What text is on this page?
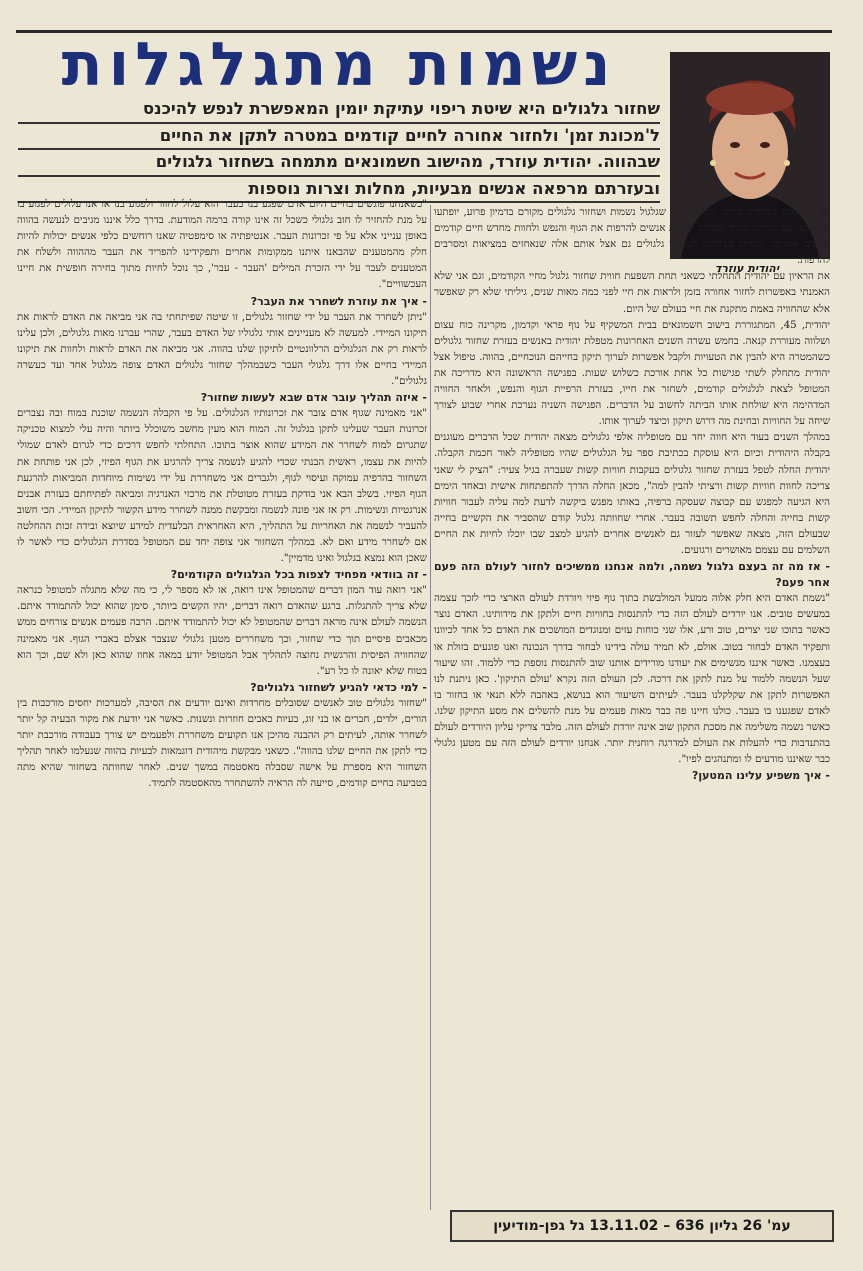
נשמות מתגלגלות
יהודית עוזרד
שחזור גלגולים היא שיטת ריפוי עתיקת יומין המאפשרת לנפש להיכנס
ל'מכונת זמן' ולחזור אחורה לחיים קודמים במטרה לתקן את החיים
שבהווה. יהודית עוזרד, מהישוב חשמונאים מתמחה בשחזור גלגולים
ובעזרתם מרפאה אנשים מבעיות, מחלות וצרות נוספות

גם הספקנים הגדולים ביותר שמשוכנעים שגלגול נשמות ושחזור גלגולים מקורם בדמיון פרוע, יופתעו כשיפגשו עם יהודית עוזרד שעזרה למאות אנשים להרפות את הגוף והנפש ולחוות מחדש חיים קודמים בזמנים אחרים. יהודית מצליחה לשחזור גלגולים גם אצל אותם אלה שנאחזים במציאות ומסרבים להרפות.

את הראיון עם יהודית התחלתי כשאני תחת השפעת חווית שחזור גלגול מחיי הקודמים, וגם אני שלא האמנתי באפשרות לחזור אחורה בזמן ולראות את חיי לפני כמה מאות שנים, גיליתי שלא רק שאפשר אלא שהחוויה באמת מתקנת את חיי בעולם של היום.

יהודית, 45, המתגוררת בישוב חשמונאים בבית המשקיף על נוף פראי וקדמון, מקרינה כוח עצום ושלווה מעוררת קנאה. בחמש עשרה השנים האחרונות מטפלת יהודית באנשים בעזרת שחזור גלגולים כשהמטרה היא להבין את הטעויות ולקבל אפשרות לערוך תיקון בחייהם הנוכחיים, בהווה. טיפול אצל יהודית מתחלק לשתי פגישות כל אחת אורכת כשלוש שעות. בפגישה הראשונה היא מדריכה את המטופל לצאת לגלגולים קודמים, לשחזר את חייו, בעזרת הרפיית הגוף והנפש, ולאחר החוויה המדהימה היא שולחת אותו הביתה לחשוב על הדברים. הפגישה השניה נערכת אחרי שבוע לצורך שיחה על החוויות ובחינת מה דרוש תיקון וכיצד לערוך אותו.

במהלך השנים בעוד היא חווה יחד עם מטופליה אלפי גלגולים מצאה יהודית שכל הדברים מעוגנים בקבלה היהודית וכיום היא עוסקת בכתיבת ספר על הגלגולים שהיו מטופליה לאור חכמת הקבלה. יהודית החלה לטפל בעזרת שחזור גלגולים בעקבות חוויות קשות שעברה בגיל צעיר: "הציק לי שאני צריכה לחוות חוויות קשות ורציתי להבין למה", מכאן החלה הדרך להתפתחות אישית ובאחד הימים היא הגיעה למפגש עם קבוצה שעסקה ברפיה, באותו מפגש ביקשה לדעת למה עליה לעבור חוויות קשות בחייה והחלה לחפש תשובה בעבר. אחרי שחוותה גלגול קודם שהסביר את הקשיים בחייה שבעולם הזה, מצאה שאפשר לעזור גם לאנשים אחרים להגיע למצב שבו יוכלו לחיות את החיים השלמים עם עצמם מאושרים ורגועים.

- אז מה זה בעצם גלגול נשמה, ולמה אנחנו ממשיכים לחזור לעולם הזה פעם אחר פעם?

"נשמת האדם היא חלק אלוה ממעל המולבשת בתוך גוף פיזי ויורדת לעולם הארצי כדי לזכך עצמה במעשים טובים. אנו יורדים לעולם הזה כדי להתנסות בחוויות חיים ולתקן את מידותינו. האדם נוצר כאשר בתוכו שני יצרים, טוב ורע, אלו שני כוחות עזים ומנוגדים המושכים את האדם כל אחד לכיוונו ותפקיד האדם לבחור בטוב. אולם, לא תמיד עולה בידינו לבחור בדרך הנכונה ואנו פוגעים בזולת או בעצמנו. כאשר איננו מגשימים את יעודנו מורידים אותנו שוב להתנסות נוספת כדי ללמוד. זהו שיעור שעל הנשמה ללמוד על מנת לתקן את דרכה. לכן העולם הזה נקרא 'עולם התיקון'. כאן ניתנת לנו האפשרות לתקן את שקלקלנו בעבר. לעיתים השיעור הוא בנושא, באהבה ללא תנאי או בחזור בו לאדם שפגענו בו בעבר. כולנו חיינו פה כבר מאות פעמים על מנת להשלים את מסע התיקון שלנו. כאשר נשמה משלימה את מסכת התקון שוב אינה יורדת לעולם הזה. מלבד צדיקי עליון היורדים לעולם בהתנדבות כדי להעלות את העולם למדרגה רוחנית יותר. אנחנו יורדים לעולם הזה עם מטען גלגולי כבר שאיננו מודעים לו ומתנהגים לפיו".

- איך משפיע עלינו המטען?

"כשאנחנו פוגשים בחיים היום אדם שפגע בנו בעבר הוא עלול לחזור ולפגוע בנו או אנו עלולים לפגוע בו על מנת להחזיר לו חוב גלגולי כשכל זה אינו קורה ברמה המודעת. בדרך כלל איננו מגיבים לנעשה בהווה באופן ענייני אלא על פי זכרונות העבר. אנטיפתיה או סימפטיה שאנו רוחשים כלפי אנשים יכולות להיות חלק מהמטענים שהבאנו איתנו ממקומות אחרים ותפקידינו להפריד את העבר מההווה ולשלח את המטענים לעבר על ידי הזכרת המילים 'העבר - עבר', כך נוכל לחיות מתוך בחירה חופשית את חיינו העכשוויים".

- איך את עוזרת לשחרר את העבר?

"ניתן לשחרר את העבר על ידי שחזור גלגולים, זו שיטה שפיתחתי בה אני מביאה את האדם לראות את תיקונו המיידי. למעשה לא מעניינים אותי גלגוליו של האדם בעבר, שהרי עברנו מאות גלגולים, ולכן עלינו לראות רק את הגלגולים הרלוונטיים לתיקון שלנו בהווה. אני מביאה את האדם לראות ולחוות את תיקונו המיידי בחיים אלו דרך גלגולי העבר כשבמהלך שחזור גלגולים האדם צופה מגלגול אחד ועד כעשרה גלגולים".

- איזה תהליך עובר אדם שבא לעשות שחזור?

"אני מאמינה שגוף אדם צובר את זכרונותיו הגלגולים. על פי הקבלה הנשמה שוכנת במוח ובה נצברים זכרונות העבר שעלינו לתקן בגלגול זה. המוח הוא מעין מחשב משוכלל ביותר והיה עלי למצוא טכניקה שתגרום למוח לשחרר את המידע שהוא אוצר בתוכו. התחלתי לחפש דרכים כדי לגרום לאדם שמולי להיות את עצמו, ראשית הבנתי שכדי להגיע לנשמה צריך להרגיע את הגוף הפיזי, לכן אני פותחת את השחזור בהרפיה עמוקה ועיסוי לגוף, ולגברים אני משחררת על ידי נשימות מיוחדות המביאות להרגעת הגוף הפיזי. בשלב הבא אני בודקת בעזרת מטוטלת את מרכזי האנרגיה ומביאה לפתיחתם בעזרת אבנים אנרגטיות ונשימות. רק אז אני פונה לנשמה ומבקשת ממנה לשחרר מידע הקשור לתיקון המיידי. הכי חשוב להעביר לנשמה את האחריות על התהליך, היא האחראית הבלעדית למידע שיוצא ובידה זכות ההחלטה אם לשחרר מידע ואם לא. במהלך השחזור אני צופה יחד עם המטופל בסדרת הגלגולים כדי לאשר לו שאכן הוא נמצא בגלגול ואינו מדמיין".

- זה בוודאי מפחיד לצפות בכל הגלגולים הקודמים?

"אני רואה עוד המון דברים שהמטופל אינו רואה, או לא מספר לי, כי מה שלא מתגלה למטופל כנראה שלא צריך להתגלות. ברגע שהאדם רואה דברים, יהיו הקשים ביותר, סימן שהוא יכול להתמודד איתם. הנשמה לעולם אינה מראה דברים שהמטופל לא יכול להתמודד איתם. הרבה פעמים אנשים צורחים ממש מכאבים פיסיים תוך כדי שחזור, וכך משחררים מטען גלגולי שנצבר אצלם באברי הגוף. אני מאמינה שהחוויה הפיסית והרגשית נחוצה לתהליך אבל המטופל יודע במאה אחוז שהוא כאן ולא שם, וכך הוא בטוח שלא יאונה לו כל רע".

- למי כדאי להגיע לשחזור גלגולים?

"שחזור גלגולים טוב לאנשים שסובלים מחרדות ואינם יודעים את הסיבה, למערכות יחסים מורכבות בין הורים, ילדים, חברים או בני זוג, בעיות כאבים חוזרות ונשנות. כאשר אני יודעת את מקור הבעיה קל יותר לשחרר אותה, לעיתים רק ההבנה מהיכן אנו תקועים משחררת ולפעמים יש צורך בעבודה מורכבת יותר כדי לתקן את החיים שלנו בהווה". כשאני מבקשת מיהודית דוגמאות לבעיות בהווה שנעלמו לאחר תהליך השחזור היא מספרת על אישה שסבלה מאסטמה במשך שנים. לאחר שחוותה בשחזור שהיא מתה בטביעה בחיים קודמים, סייעה לה הראיה להשתחרר מהאסטמה לתמיד.

עמ' 26 גליון 636 – 13.11.02 גל גפן-מודיעין
